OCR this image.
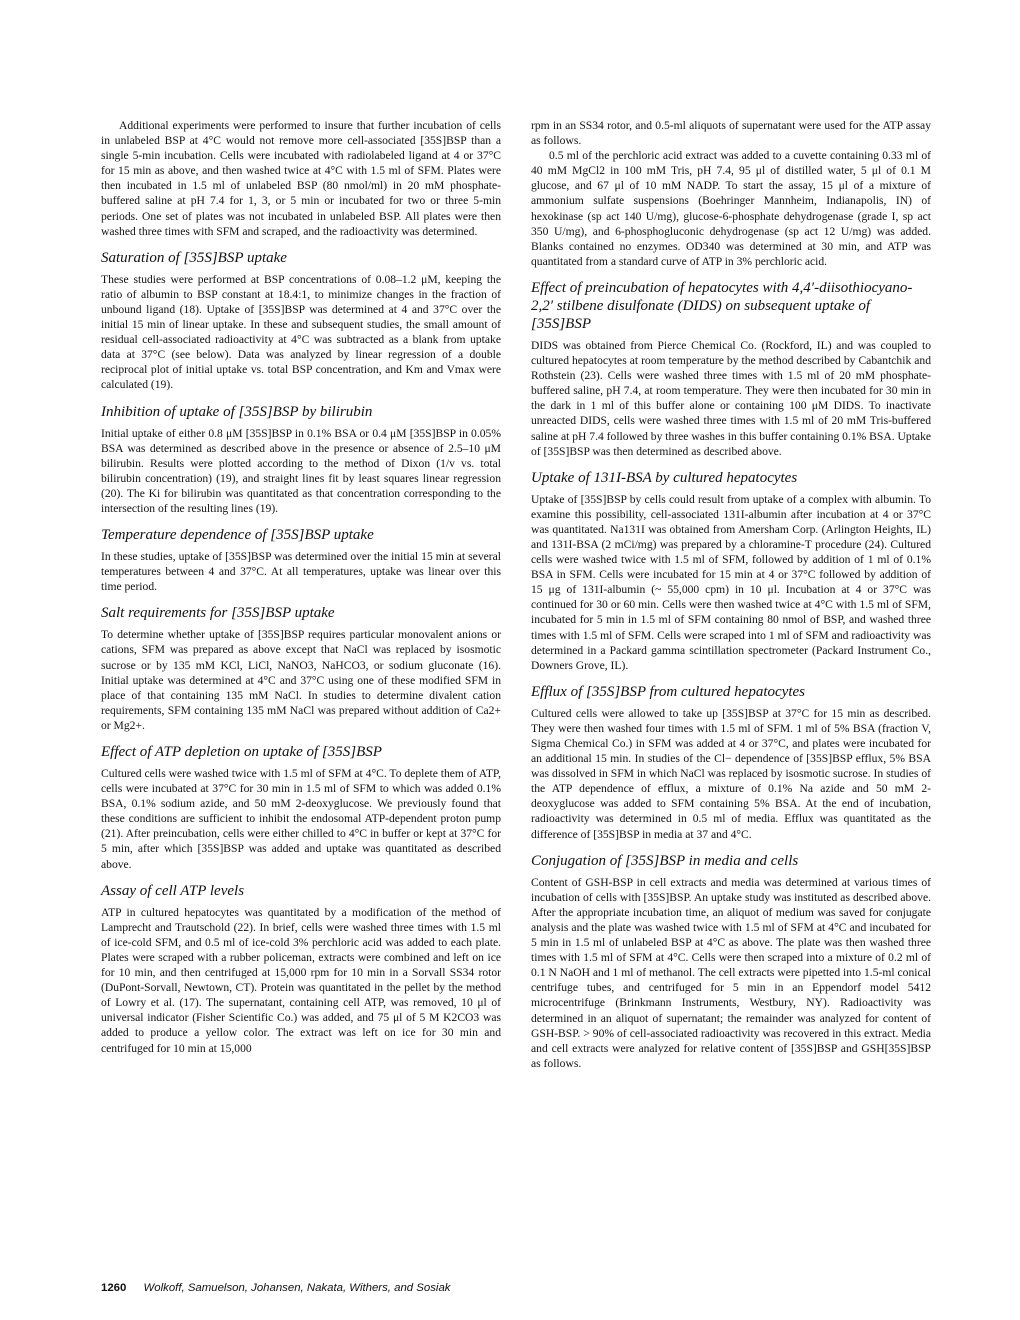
Additional experiments were performed to insure that further incubation of cells in unlabeled BSP at 4°C would not remove more cell-associated [35S]BSP than a single 5-min incubation. Cells were incubated with radiolabeled ligand at 4 or 37°C for 15 min as above, and then washed twice at 4°C with 1.5 ml of SFM. Plates were then incubated in 1.5 ml of unlabeled BSP (80 nmol/ml) in 20 mM phosphate-buffered saline at pH 7.4 for 1, 3, or 5 min or incubated for two or three 5-min periods. One set of plates was not incubated in unlabeled BSP. All plates were then washed three times with SFM and scraped, and the radioactivity was determined.

Saturation of [35S]BSP uptake

These studies were performed at BSP concentrations of 0.08–1.2 μM, keeping the ratio of albumin to BSP constant at 18.4:1, to minimize changes in the fraction of unbound ligand (18). Uptake of [35S]BSP was determined at 4 and 37°C over the initial 15 min of linear uptake. In these and subsequent studies, the small amount of residual cell-associated radioactivity at 4°C was subtracted as a blank from uptake data at 37°C (see below). Data was analyzed by linear regression of a double reciprocal plot of initial uptake vs. total BSP concentration, and Km and Vmax were calculated (19).

Inhibition of uptake of [35S]BSP by bilirubin

Initial uptake of either 0.8 μM [35S]BSP in 0.1% BSA or 0.4 μM [35S]BSP in 0.05% BSA was determined as described above in the presence or absence of 2.5–10 μM bilirubin. Results were plotted according to the method of Dixon (1/v vs. total bilirubin concentration) (19), and straight lines fit by least squares linear regression (20). The Ki for bilirubin was quantitated as that concentration corresponding to the intersection of the resulting lines (19).

Temperature dependence of [35S]BSP uptake

In these studies, uptake of [35S]BSP was determined over the initial 15 min at several temperatures between 4 and 37°C. At all temperatures, uptake was linear over this time period.

Salt requirements for [35S]BSP uptake

To determine whether uptake of [35S]BSP requires particular monovalent anions or cations, SFM was prepared as above except that NaCl was replaced by isosmotic sucrose or by 135 mM KCl, LiCl, NaNO3, NaHCO3, or sodium gluconate (16). Initial uptake was determined at 4°C and 37°C using one of these modified SFM in place of that containing 135 mM NaCl. In studies to determine divalent cation requirements, SFM containing 135 mM NaCl was prepared without addition of Ca2+ or Mg2+.

Effect of ATP depletion on uptake of [35S]BSP

Cultured cells were washed twice with 1.5 ml of SFM at 4°C. To deplete them of ATP, cells were incubated at 37°C for 30 min in 1.5 ml of SFM to which was added 0.1% BSA, 0.1% sodium azide, and 50 mM 2-deoxyglucose. We previously found that these conditions are sufficient to inhibit the endosomal ATP-dependent proton pump (21). After preincubation, cells were either chilled to 4°C in buffer or kept at 37°C for 5 min, after which [35S]BSP was added and uptake was quantitated as described above.

Assay of cell ATP levels

ATP in cultured hepatocytes was quantitated by a modification of the method of Lamprecht and Trautschold (22). In brief, cells were washed three times with 1.5 ml of ice-cold SFM, and 0.5 ml of ice-cold 3% perchloric acid was added to each plate. Plates were scraped with a rubber policeman, extracts were combined and left on ice for 10 min, and then centrifuged at 15,000 rpm for 10 min in a Sorvall SS34 rotor (DuPont-Sorvall, Newtown, CT). Protein was quantitated in the pellet by the method of Lowry et al. (17). The supernatant, containing cell ATP, was removed, 10 μl of universal indicator (Fisher Scientific Co.) was added, and 75 μl of 5 M K2CO3 was added to produce a yellow color. The extract was left on ice for 30 min and centrifuged for 10 min at 15,000

rpm in an SS34 rotor, and 0.5-ml aliquots of supernatant were used for the ATP assay as follows.

0.5 ml of the perchloric acid extract was added to a cuvette containing 0.33 ml of 40 mM MgCl2 in 100 mM Tris, pH 7.4, 95 μl of distilled water, 5 μl of 0.1 M glucose, and 67 μl of 10 mM NADP. To start the assay, 15 μl of a mixture of ammonium sulfate suspensions (Boehringer Mannheim, Indianapolis, IN) of hexokinase (sp act 140 U/mg), glucose-6-phosphate dehydrogenase (grade I, sp act 350 U/mg), and 6-phosphogluconic dehydrogenase (sp act 12 U/mg) was added. Blanks contained no enzymes. OD340 was determined at 30 min, and ATP was quantitated from a standard curve of ATP in 3% perchloric acid.

Effect of preincubation of hepatocytes with 4,4′-diisothiocyano-2,2′ stilbene disulfonate (DIDS) on subsequent uptake of [35S]BSP

DIDS was obtained from Pierce Chemical Co. (Rockford, IL) and was coupled to cultured hepatocytes at room temperature by the method described by Cabantchik and Rothstein (23). Cells were washed three times with 1.5 ml of 20 mM phosphate-buffered saline, pH 7.4, at room temperature. They were then incubated for 30 min in the dark in 1 ml of this buffer alone or containing 100 μM DIDS. To inactivate unreacted DIDS, cells were washed three times with 1.5 ml of 20 mM Tris-buffered saline at pH 7.4 followed by three washes in this buffer containing 0.1% BSA. Uptake of [35S]BSP was then determined as described above.

Uptake of 131I-BSA by cultured hepatocytes

Uptake of [35S]BSP by cells could result from uptake of a complex with albumin. To examine this possibility, cell-associated 131I-albumin after incubation at 4 or 37°C was quantitated. Na131I was obtained from Amersham Corp. (Arlington Heights, IL) and 131I-BSA (2 mCi/mg) was prepared by a chloramine-T procedure (24). Cultured cells were washed twice with 1.5 ml of SFM, followed by addition of 1 ml of 0.1% BSA in SFM. Cells were incubated for 15 min at 4 or 37°C followed by addition of 15 μg of 131I-albumin (~ 55,000 cpm) in 10 μl. Incubation at 4 or 37°C was continued for 30 or 60 min. Cells were then washed twice at 4°C with 1.5 ml of SFM, incubated for 5 min in 1.5 ml of SFM containing 80 nmol of BSP, and washed three times with 1.5 ml of SFM. Cells were scraped into 1 ml of SFM and radioactivity was determined in a Packard gamma scintillation spectrometer (Packard Instrument Co., Downers Grove, IL).

Efflux of [35S]BSP from cultured hepatocytes

Cultured cells were allowed to take up [35S]BSP at 37°C for 15 min as described. They were then washed four times with 1.5 ml of SFM. 1 ml of 5% BSA (fraction V, Sigma Chemical Co.) in SFM was added at 4 or 37°C, and plates were incubated for an additional 15 min. In studies of the Cl− dependence of [35S]BSP efflux, 5% BSA was dissolved in SFM in which NaCl was replaced by isosmotic sucrose. In studies of the ATP dependence of efflux, a mixture of 0.1% Na azide and 50 mM 2-deoxyglucose was added to SFM containing 5% BSA. At the end of incubation, radioactivity was determined in 0.5 ml of media. Efflux was quantitated as the difference of [35S]BSP in media at 37 and 4°C.

Conjugation of [35S]BSP in media and cells

Content of GSH-BSP in cell extracts and media was determined at various times of incubation of cells with [35S]BSP. An uptake study was instituted as described above. After the appropriate incubation time, an aliquot of medium was saved for conjugate analysis and the plate was washed twice with 1.5 ml of SFM at 4°C and incubated for 5 min in 1.5 ml of unlabeled BSP at 4°C as above. The plate was then washed three times with 1.5 ml of SFM at 4°C. Cells were then scraped into a mixture of 0.2 ml of 0.1 N NaOH and 1 ml of methanol. The cell extracts were pipetted into 1.5-ml conical centrifuge tubes, and centrifuged for 5 min in an Eppendorf model 5412 microcentrifuge (Brinkmann Instruments, Westbury, NY). Radioactivity was determined in an aliquot of supernatant; the remainder was analyzed for content of GSH-BSP. > 90% of cell-associated radioactivity was recovered in this extract. Media and cell extracts were analyzed for relative content of [35S]BSP and GSH[35S]BSP as follows.

1260 Wolkoff, Samuelson, Johansen, Nakata, Withers, and Sosiak
